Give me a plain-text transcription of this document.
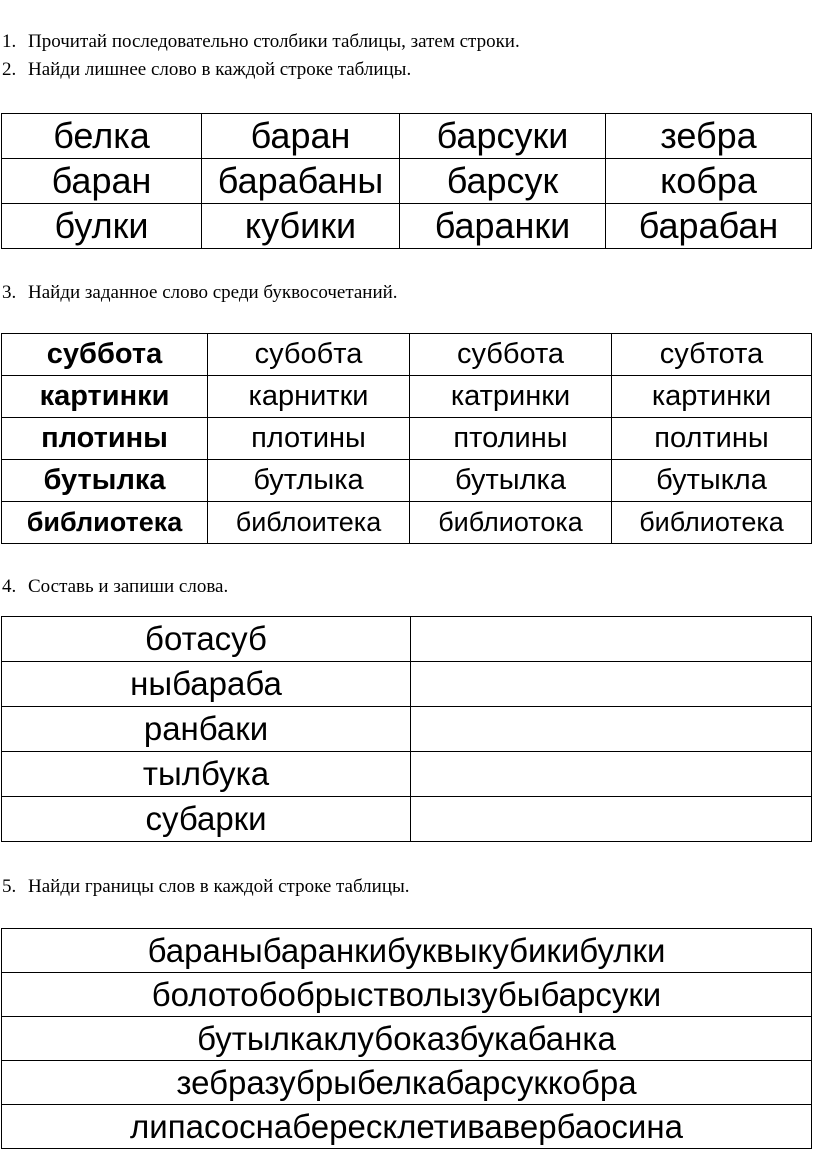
1. Прочитай последовательно столбики таблицы, затем строки.
2. Найди лишнее слово в каждой строке таблицы.
белка	баран	барсуки	зебра
баран	барабаны	барсук	кобра
булки	кубики	баранки	барабан
3. Найди заданное слово среди буквосочетаний.
суббота	субобта	суббота	субтота
картинки	карнитки	катринки	картинки
плотины	плотины	птолины	полтины
бутылка	бутлыка	бутылка	бутыкла
библиотека	библоитека	библиотока	библиотека
4. Составь и запиши слова.
ботасуб	
ныбараба	
ранбаки	
тылбука	
субарки	
5. Найди границы слов в каждой строке таблицы.
бараныбаранкибуквыкубикибулки
болотобобрыстволызубыбарсуки
бутылкаклубоказбукабанка
зебразубрыбелкабарсуккобра
липасоснабересклетивавербаосина
